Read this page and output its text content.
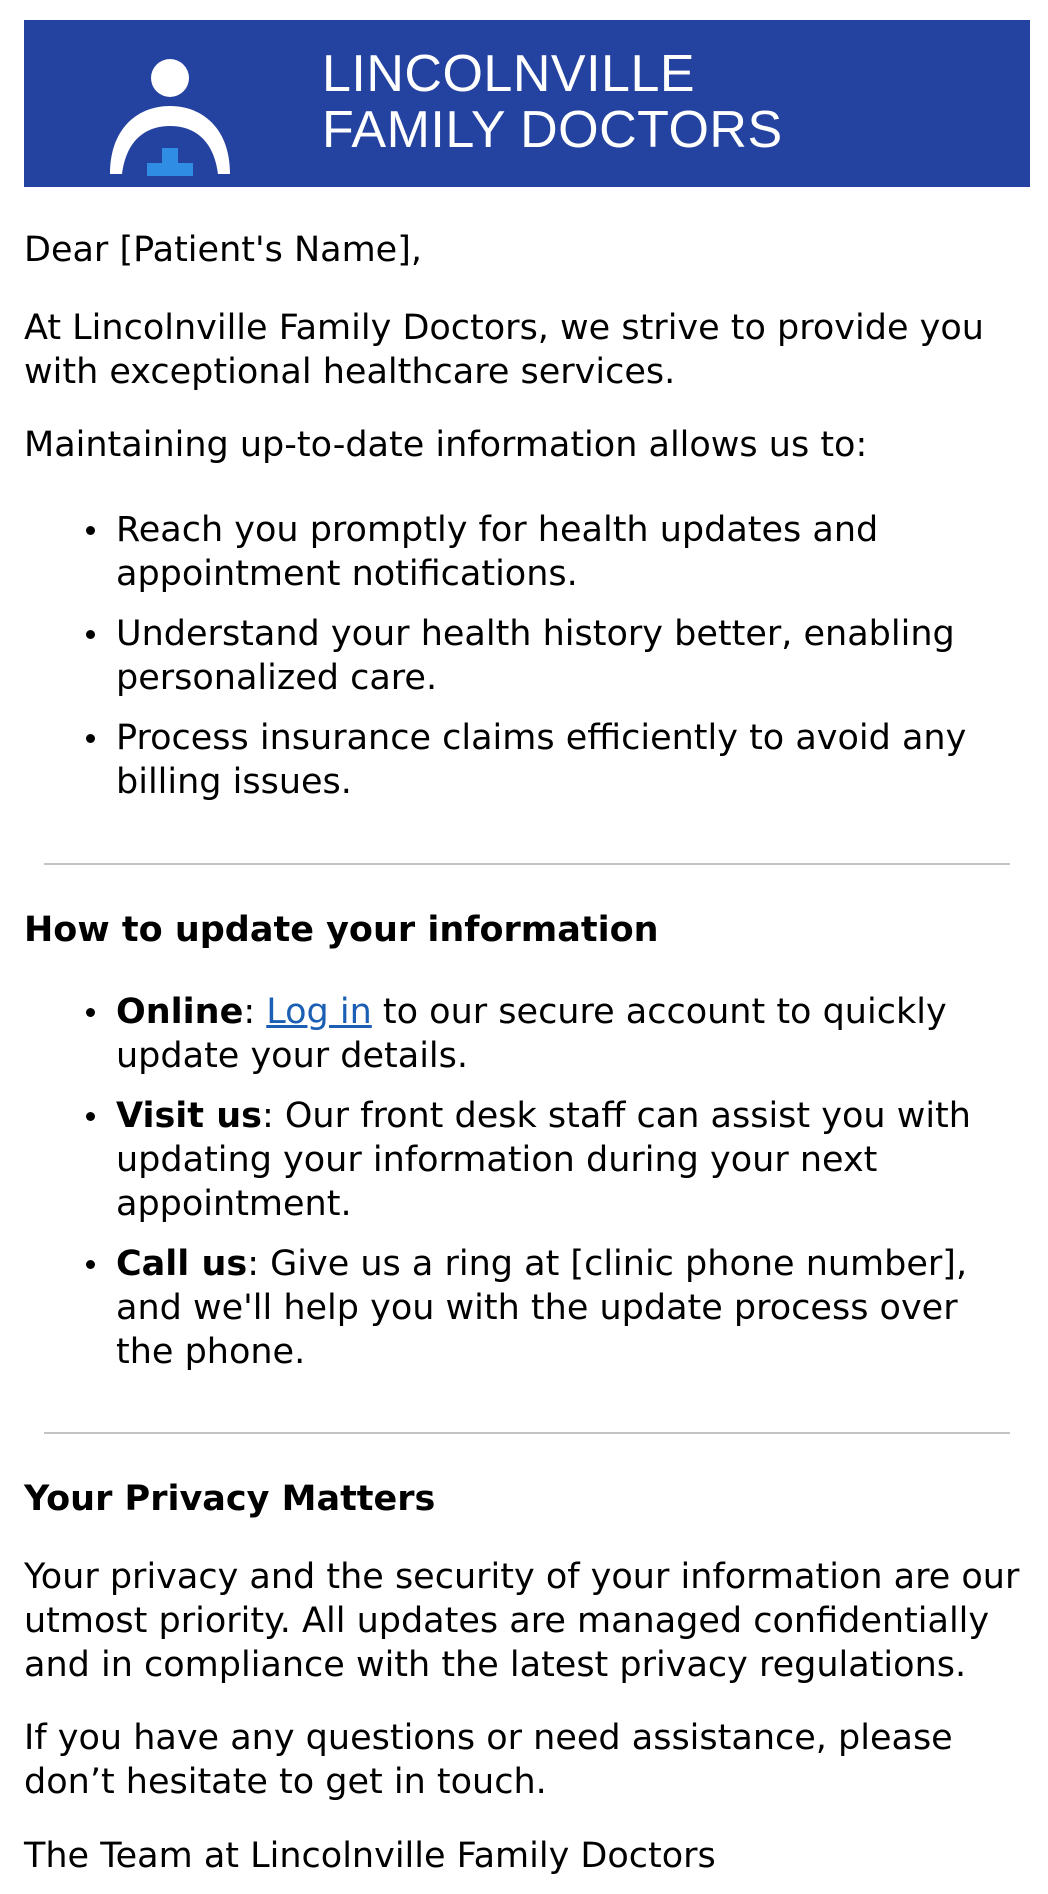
LINCOLNVILLE
FAMILY DOCTORS

Dear [Patient's Name],

At Lincolnville Family Doctors, we strive to provide you with exceptional healthcare services.

Maintaining up-to-date information allows us to:

Reach you promptly for health updates and appointment notifications.
Understand your health history better, enabling personalized care.
Process insurance claims efficiently to avoid any billing issues.
How to update your information
Online: Log in to our secure account to quickly update your details.
Visit us: Our front desk staff can assist you with updating your information during your next appointment.
Call us: Give us a ring at [clinic phone number], and we'll help you with the update process over the phone.
Your Privacy Matters

Your privacy and the security of your information are our utmost priority. All updates are managed confidentially and in compliance with the latest privacy regulations.

If you have any questions or need assistance, please don’t hesitate to get in touch.

The Team at Lincolnville Family Doctors
